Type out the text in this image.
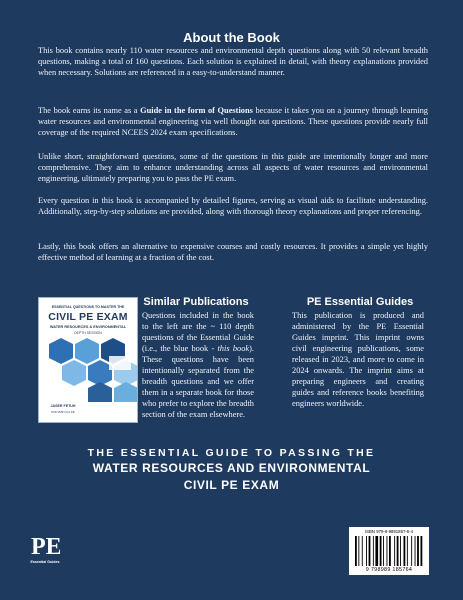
About the Book
This book contains nearly 110 water resources and environmental depth questions along with 50 relevant breadth questions, making a total of 160 questions. Each solution is explained in detail, with theory explanations provided when necessary. Solutions are referenced in a easy-to-understand manner.
The book earns its name as a Guide in the form of Questions because it takes you on a journey through learning water resources and environmental engineering via well thought out questions. These questions provide nearly full coverage of the required NCEES 2024 exam specifications.
Unlike short, straightforward questions, some of the questions in this guide are intentionally longer and more comprehensive. They aim to enhance understanding across all aspects of water resources and environmental engineering, ultimately preparing you to pass the PE exam.
Every question in this book is accompanied by detailed figures, serving as visual aids to facilitate understanding. Additionally, step-by-step solutions are provided, along with thorough theory explanations and proper referencing.
Lastly, this book offers an alternative to expensive courses and costly resources. It provides a simple yet highly effective method of learning at a fraction of the cost.
ESSENTIAL QUESTIONS TO MASTER THE
CIVIL PE EXAM
WATER RESOURCES & ENVIRONMENTAL
DEPTH SESSION
JASER FETUH
PhD PMP CCA PE
Similar Publications
Questions included in the book to the left are the ~ 110 depth questions of the Essential Guide (i.e., the blue book - this book). These questions have been intentionally separated from the breadth questions and we offer them in a separate book for those who prefer to explore the breadth section of the exam elsewhere.
PE Essential Guides
This publication is produced and administered by the PE Essential Guides imprint. This imprint owns civil engineering publications, some released in 2023, and more to come in 2024 onwards. The imprint aims at preparing engineers and creating guides and reference books benefiting engineers worldwide.
THE ESSENTIAL GUIDE TO PASSING THE
WATER RESOURCES AND ENVIRONMENTAL
CIVIL PE EXAM
PE
Essential Guides
ISBN 979-8-9891857-6-4
9 798989 185764
